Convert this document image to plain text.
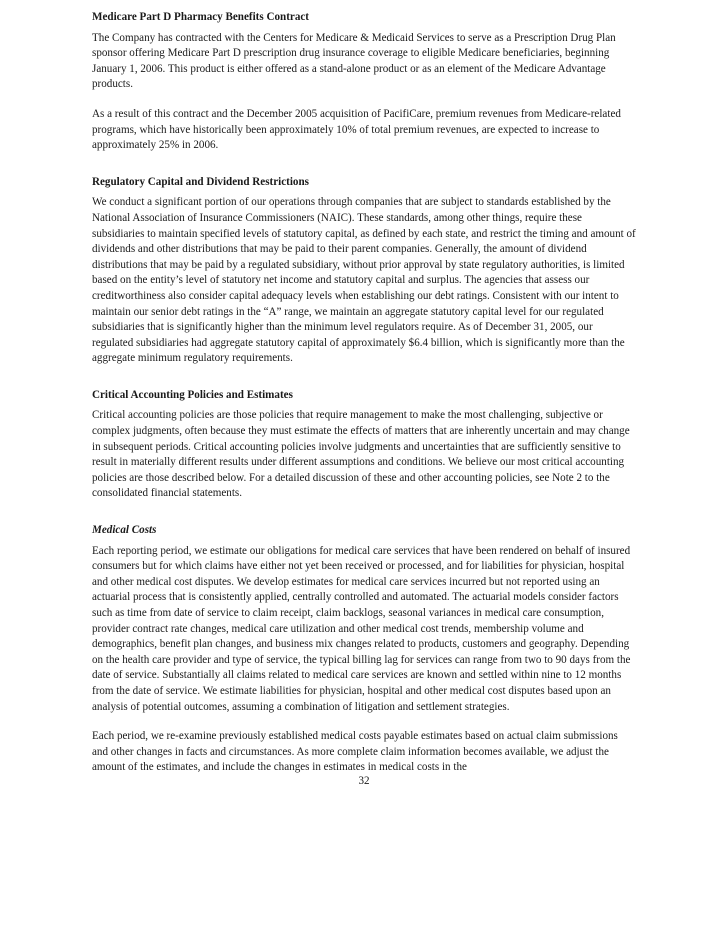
Medicare Part D Pharmacy Benefits Contract

The Company has contracted with the Centers for Medicare & Medicaid Services to serve as a Prescription Drug Plan sponsor offering Medicare Part D prescription drug insurance coverage to eligible Medicare beneficiaries, beginning January 1, 2006. This product is either offered as a stand-alone product or as an element of the Medicare Advantage products.

As a result of this contract and the December 2005 acquisition of PacifiCare, premium revenues from Medicare-related programs, which have historically been approximately 10% of total premium revenues, are expected to increase to approximately 25% in 2006.

Regulatory Capital and Dividend Restrictions

We conduct a significant portion of our operations through companies that are subject to standards established by the National Association of Insurance Commissioners (NAIC). These standards, among other things, require these subsidiaries to maintain specified levels of statutory capital, as defined by each state, and restrict the timing and amount of dividends and other distributions that may be paid to their parent companies. Generally, the amount of dividend distributions that may be paid by a regulated subsidiary, without prior approval by state regulatory authorities, is limited based on the entity’s level of statutory net income and statutory capital and surplus. The agencies that assess our creditworthiness also consider capital adequacy levels when establishing our debt ratings. Consistent with our intent to maintain our senior debt ratings in the “A” range, we maintain an aggregate statutory capital level for our regulated subsidiaries that is significantly higher than the minimum level regulators require. As of December 31, 2005, our regulated subsidiaries had aggregate statutory capital of approximately $6.4 billion, which is significantly more than the aggregate minimum regulatory requirements.

Critical Accounting Policies and Estimates

Critical accounting policies are those policies that require management to make the most challenging, subjective or complex judgments, often because they must estimate the effects of matters that are inherently uncertain and may change in subsequent periods. Critical accounting policies involve judgments and uncertainties that are sufficiently sensitive to result in materially different results under different assumptions and conditions. We believe our most critical accounting policies are those described below. For a detailed discussion of these and other accounting policies, see Note 2 to the consolidated financial statements.

Medical Costs

Each reporting period, we estimate our obligations for medical care services that have been rendered on behalf of insured consumers but for which claims have either not yet been received or processed, and for liabilities for physician, hospital and other medical cost disputes. We develop estimates for medical care services incurred but not reported using an actuarial process that is consistently applied, centrally controlled and automated. The actuarial models consider factors such as time from date of service to claim receipt, claim backlogs, seasonal variances in medical care consumption, provider contract rate changes, medical care utilization and other medical cost trends, membership volume and demographics, benefit plan changes, and business mix changes related to products, customers and geography. Depending on the health care provider and type of service, the typical billing lag for services can range from two to 90 days from the date of service. Substantially all claims related to medical care services are known and settled within nine to 12 months from the date of service. We estimate liabilities for physician, hospital and other medical cost disputes based upon an analysis of potential outcomes, assuming a combination of litigation and settlement strategies.

Each period, we re-examine previously established medical costs payable estimates based on actual claim submissions and other changes in facts and circumstances. As more complete claim information becomes available, we adjust the amount of the estimates, and include the changes in estimates in medical costs in the

32
